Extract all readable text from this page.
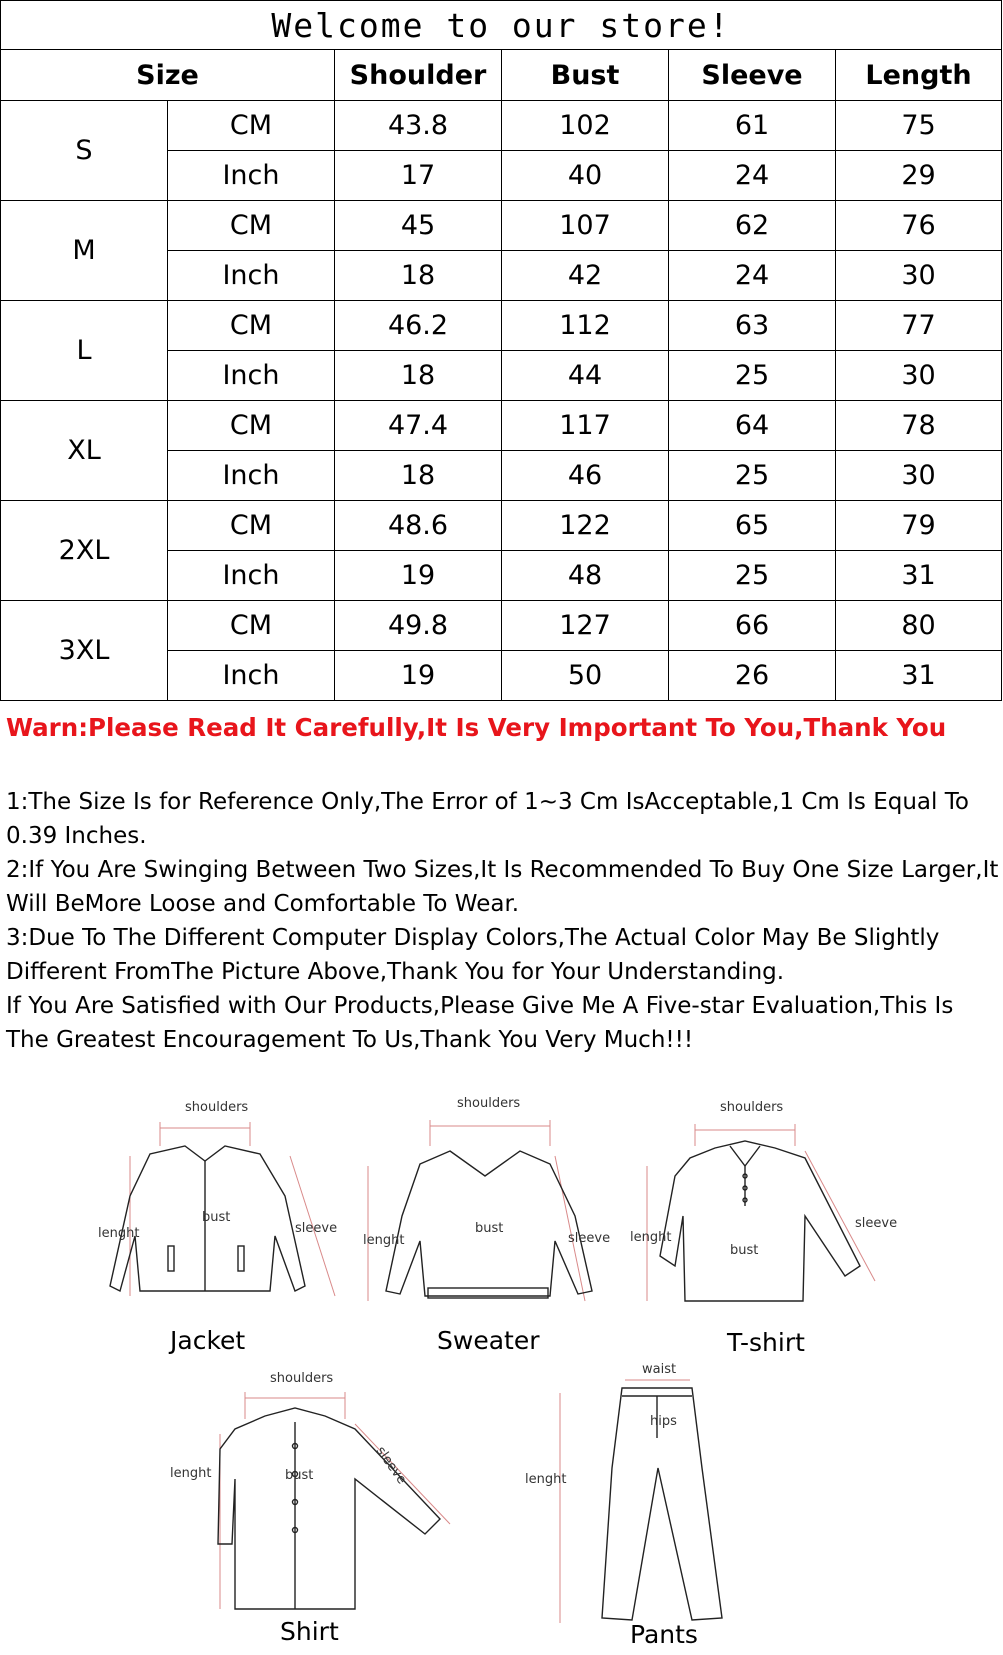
Welcome to our store!					
Size		Shoulder	Bust	Sleeve	Length
S	CM	43.8	102	61	75
	Inch	17	40	24	29
M	CM	45	107	62	76
	Inch	18	42	24	30
L	CM	46.2	112	63	77
	Inch	18	44	25	30
XL	CM	47.4	117	64	78
	Inch	18	46	25	30
2XL	CM	48.6	122	65	79
	Inch	19	48	25	31
3XL	CM	49.8	127	66	80
	Inch	19	50	26	31
Warn:Please Read It Carefully,It Is Very Important To You,Thank You

1:The Size Is for Reference Only,The Error of 1~3 Cm IsAcceptable,1 Cm Is Equal To 0.39 Inches.

2:If You Are Swinging Between Two Sizes,It Is Recommended To Buy One Size Larger,It Will BeMore Loose and Comfortable To Wear.

3:Due To The Different Computer Display Colors,The Actual Color May Be Slightly Different FromThe Picture Above,Thank You for Your Understanding.

If You Are Satisfied with Our Products,Please Give Me A Five-star Evaluation,This Is The Greatest Encouragement To Us,Thank You Very Much!!!

shoulders
lenght
bust
sleeve
Jacket
shoulders
lenght
bust
sleeve
Sweater
shoulders
lenght
bust
sleeve
T-shirt
shoulders
lenght	bust	sleeve
Shirt
waist
hips
lenght
Pants
